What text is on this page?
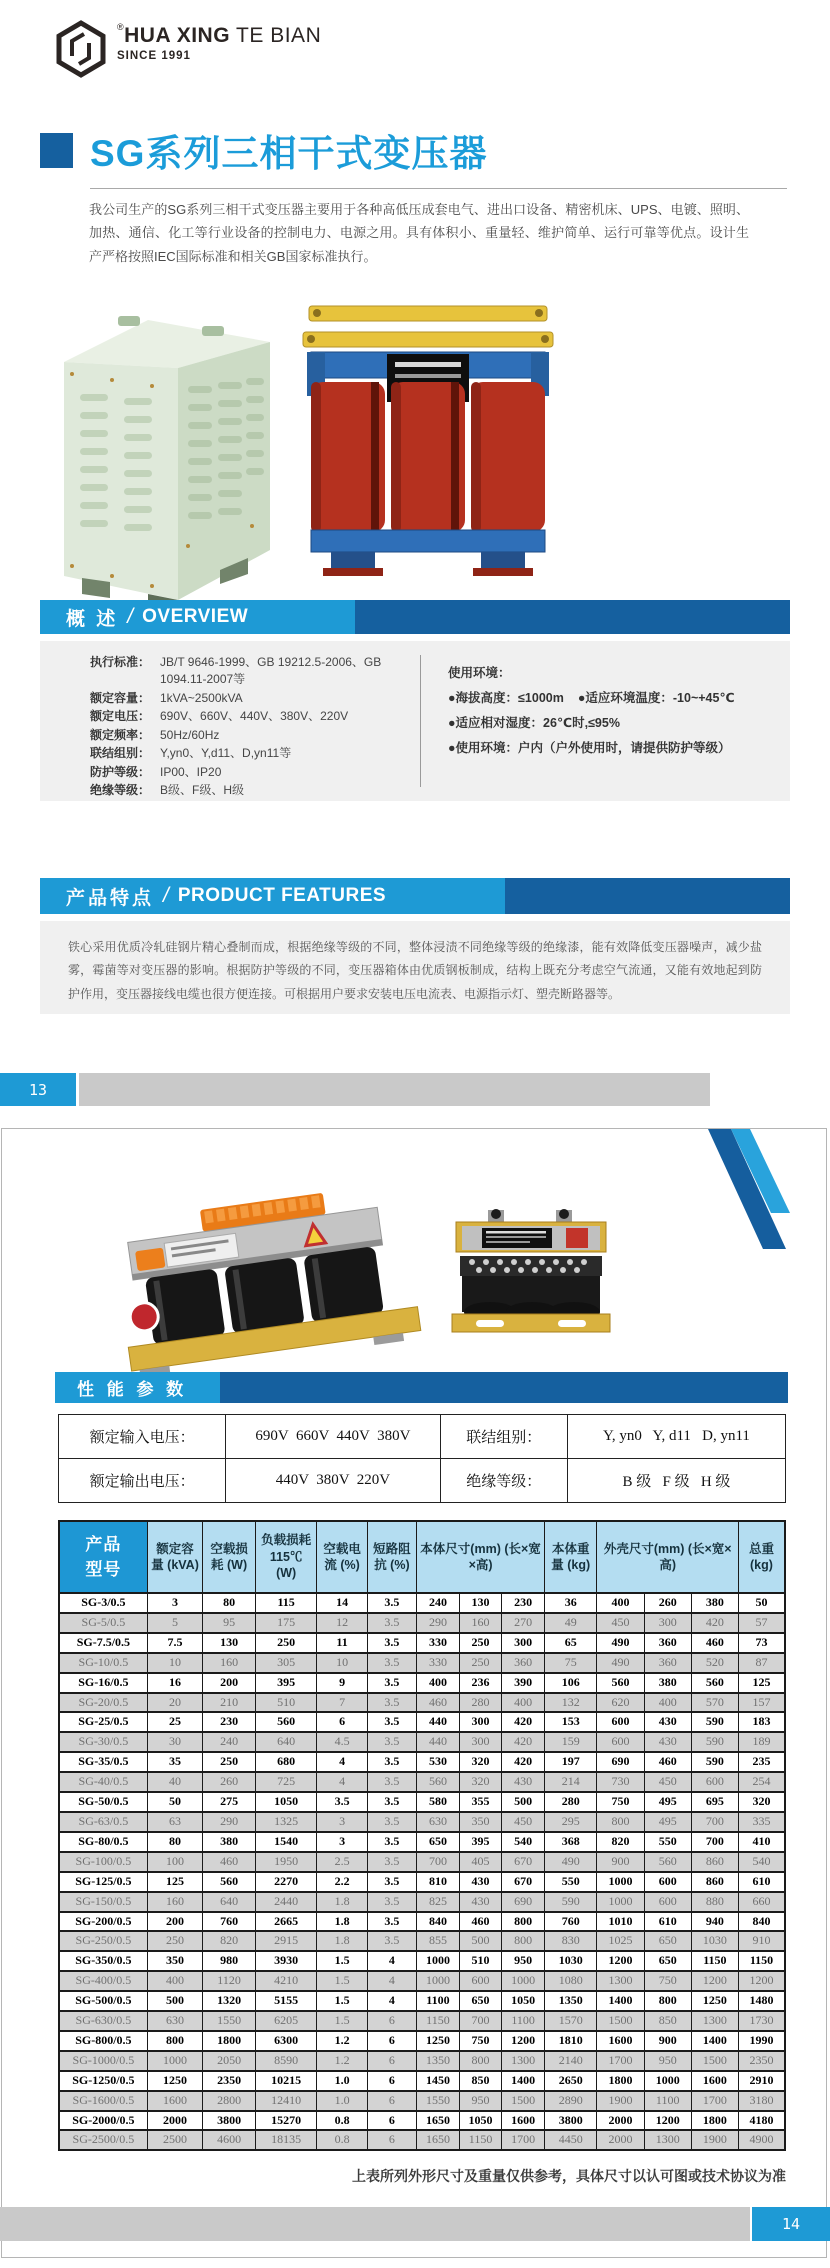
®HUA XING TE BIAN
SINCE 1991
SG系列三相干式变压器
我公司生产的SG系列三相干式变压器主要用于各种高低压成套电气、进出口设备、精密机床、UPS、电镀、照明、加热、通信、化工等行业设备的控制电力、电源之用。具有体积小、重量轻、维护简单、运行可靠等优点。设计生产严格按照IEC国际标准和相关GB国家标准执行。
概 述 / OVERVIEW
执行标准： JB/T 9646-1999、GB 19212.5-2006、GB 1094.11-2007等
额定容量： 1kVA~2500kVA
额定电压： 690V、660V、440V、380V、220V
额定频率： 50Hz/60Hz
联结组别： Y,yn0、Y,d11、D,yn11等
防护等级： IP00、IP20
绝缘等级： B级、F级、H级
使用环境：
●海拔高度：≤1000m ●适应环境温度：-10~+45℃
●适应相对湿度：26℃时,≤95%
●使用环境：户内（户外使用时，请提供防护等级）
产品特点 / PRODUCT FEATURES
铁心采用优质冷轧硅钢片精心叠制而成，根据绝缘等级的不同，整体浸渍不同绝缘等级的绝缘漆，能有效降低变压器噪声，减少盐雾，霉菌等对变压器的影响。根据防护等级的不同，变压器箱体由优质钢板制成，结构上既充分考虑空气流通，又能有效地起到防护作用，变压器接线电缆也很方便连接。可根据用户要求安装电压电流表、电源指示灯、塑壳断路器等。
13
性 能 参 数
额定输入电压：	690V  660V  440V  380V	联结组别：	Y, yn0   Y, d11   D, yn11
额定输出电压：	440V  380V  220V	绝缘等级：	B 级   F 级   H 级
产品 型号	额定容量 (kVA)	空载损耗 (W)	负载损耗 115℃ (W)	空载电流 (%)	短路阻抗 (%)	本体尺寸(mm) (长×宽×高)			本体重量 (kg)	外壳尺寸(mm) (长×宽×高)			总重 (kg)
SG-3/0.5	3	80	115	14	3.5	240	130	230	36	400	260	380	50
SG-5/0.5	5	95	175	12	3.5	290	160	270	49	450	300	420	57
SG-7.5/0.5	7.5	130	250	11	3.5	330	250	300	65	490	360	460	73
SG-10/0.5	10	160	305	10	3.5	330	250	360	75	490	360	520	87
SG-16/0.5	16	200	395	9	3.5	400	236	390	106	560	380	560	125
SG-20/0.5	20	210	510	7	3.5	460	280	400	132	620	400	570	157
SG-25/0.5	25	230	560	6	3.5	440	300	420	153	600	430	590	183
SG-30/0.5	30	240	640	4.5	3.5	440	300	420	159	600	430	590	189
SG-35/0.5	35	250	680	4	3.5	530	320	420	197	690	460	590	235
SG-40/0.5	40	260	725	4	3.5	560	320	430	214	730	450	600	254
SG-50/0.5	50	275	1050	3.5	3.5	580	355	500	280	750	495	695	320
SG-63/0.5	63	290	1325	3	3.5	630	350	450	295	800	495	700	335
SG-80/0.5	80	380	1540	3	3.5	650	395	540	368	820	550	700	410
SG-100/0.5	100	460	1950	2.5	3.5	700	405	670	490	900	560	860	540
SG-125/0.5	125	560	2270	2.2	3.5	810	430	670	550	1000	600	860	610
SG-150/0.5	160	640	2440	1.8	3.5	825	430	690	590	1000	600	880	660
SG-200/0.5	200	760	2665	1.8	3.5	840	460	800	760	1010	610	940	840
SG-250/0.5	250	820	2915	1.8	3.5	855	500	800	830	1025	650	1030	910
SG-350/0.5	350	980	3930	1.5	4	1000	510	950	1030	1200	650	1150	1150
SG-400/0.5	400	1120	4210	1.5	4	1000	600	1000	1080	1300	750	1200	1200
SG-500/0.5	500	1320	5155	1.5	4	1100	650	1050	1350	1400	800	1250	1480
SG-630/0.5	630	1550	6205	1.5	6	1150	700	1100	1570	1500	850	1300	1730
SG-800/0.5	800	1800	6300	1.2	6	1250	750	1200	1810	1600	900	1400	1990
SG-1000/0.5	1000	2050	8590	1.2	6	1350	800	1300	2140	1700	950	1500	2350
SG-1250/0.5	1250	2350	10215	1.0	6	1450	850	1400	2650	1800	1000	1600	2910
SG-1600/0.5	1600	2800	12410	1.0	6	1550	950	1500	2890	1900	1100	1700	3180
SG-2000/0.5	2000	3800	15270	0.8	6	1650	1050	1600	3800	2000	1200	1800	4180
SG-2500/0.5	2500	4600	18135	0.8	6	1650	1150	1700	4450	2000	1300	1900	4900
上表所列外形尺寸及重量仅供参考，具体尺寸以认可图或技术协议为准
14
